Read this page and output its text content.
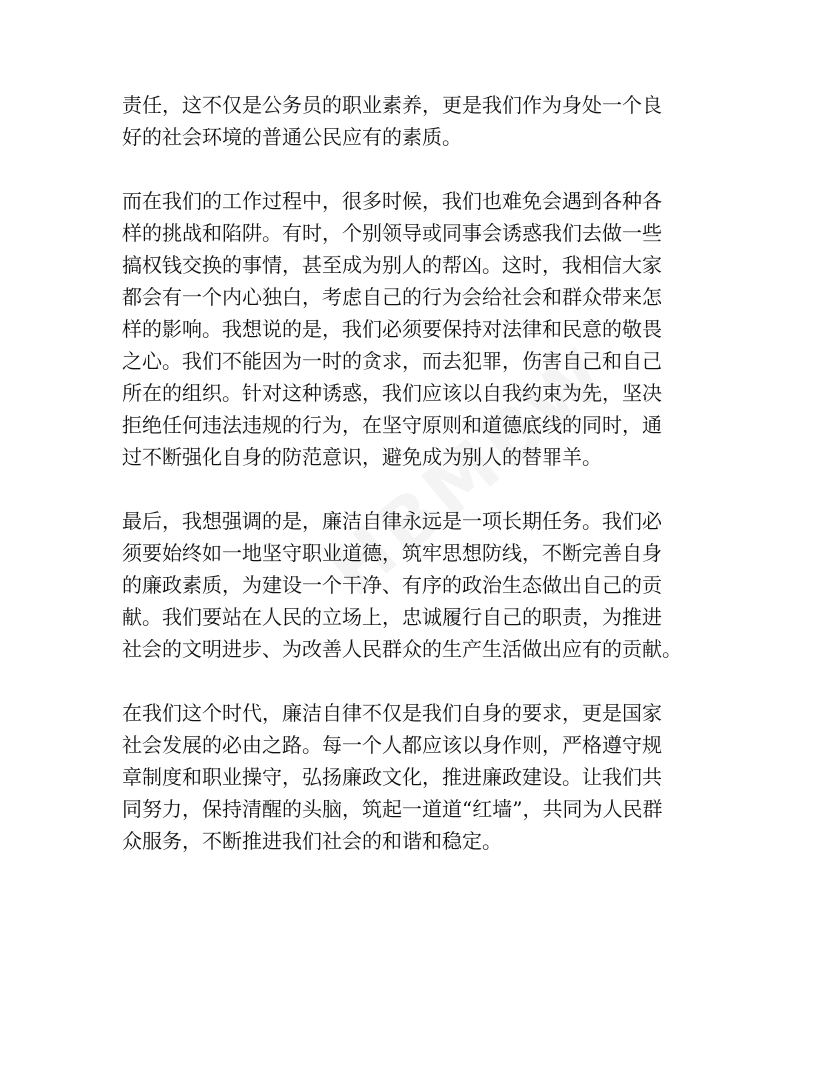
责任，这不仅是公务员的职业素养，更是我们作为身处一个良
好的社会环境的普通公民应有的素质。
而在我们的工作过程中，很多时候，我们也难免会遇到各种各
样的挑战和陷阱。有时，个别领导或同事会诱惑我们去做一些
搞权钱交换的事情，甚至成为别人的帮凶。这时，我相信大家
都会有一个内心独白，考虑自己的行为会给社会和群众带来怎
样的影响。我想说的是，我们必须要保持对法律和民意的敬畏
之心。我们不能因为一时的贪求，而去犯罪，伤害自己和自己
所在的组织。针对这种诱惑，我们应该以自我约束为先，坚决
拒绝任何违法违规的行为，在坚守原则和道德底线的同时，通
过不断强化自身的防范意识，避免成为别人的替罪羊。
最后，我想强调的是，廉洁自律永远是一项长期任务。我们必
须要始终如一地坚守职业道德，筑牢思想防线，不断完善自身
的廉政素质，为建设一个干净、有序的政治生态做出自己的贡
献。我们要站在人民的立场上，忠诚履行自己的职责，为推进
社会的文明进步、为改善人民群众的生产生活做出应有的贡献。
在我们这个时代，廉洁自律不仅是我们自身的要求，更是国家
社会发展的必由之路。每一个人都应该以身作则，严格遵守规
章制度和职业操守，弘扬廉政文化，推进廉政建设。让我们共
同努力，保持清醒的头脑，筑起一道道“红墙”，共同为人民群
众服务，不断推进我们社会的和谐和稳定。
